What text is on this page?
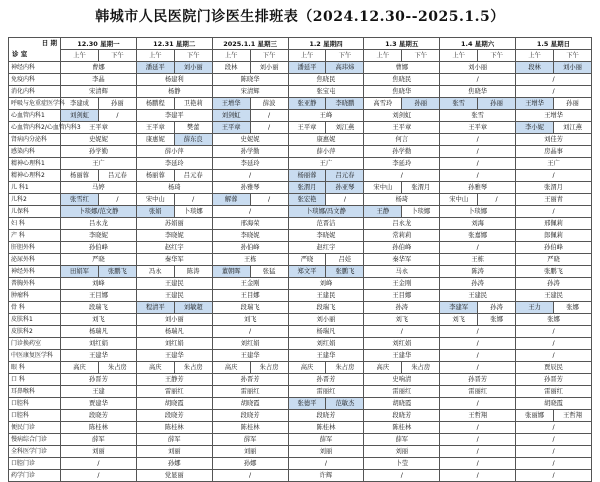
韩城市人民医院门诊医生排班表（2024.12.30--2025.1.5）
日 期
诊 室	12.30 星期一		12.31 星期二		2025.1.1 星期三		1.2 星期四		1.3 星期五		1.4 星期六		1.5 星期日	
	上午	下午	上午	下午	上午	下午	上午	下午	上午	下午	上午	下午	上午	下午
神经内科	曹娜		潘延平	刘小丽	段林	刘小丽	潘延平	高玮炜	曹娜		刘小丽		段林	刘小丽
免疫内科	李晶		杨建利		陈晓华		焦晓民		焦晓民		/		/	
消化内科	宋清辉		杨静		宋清辉		张宝屯		焦晓华		焦晓华		/	
呼吸与危重症医学科	李建成	孙丽	杨鹏程	卫艳莉	王增华	薛波	张亚静	李晓鹏	高雪玲	孙丽	张雪	孙丽	王增华	孙丽
心血管内科1	刘剑虹	/	李建平		刘剑虹	/	王峰		刘剑虹		张雪		王增华	
心血管内科2/心血管内科3	王平章		王平章	樊蕾	王平章	/	王平章	刘江燕	王平章		王平章		李小妮	刘江燕
肾病内分泌科	史妮妮		康惠妮	薛东良	史妮妮		康惠妮		何言		/		刘佳芳	
感染内科	孙学勤		薛小萍		孙学勤		薛小萍		孙学勤		/		房晶事	
精神心理科1	王广		李延玲		李延玲		王广		李延玲		/		王广	
精神心理科2	杨丽蓉	吕元春	杨丽蓉	吕元春	/		杨丽蓉	吕元春	/		/		/	
儿 科1	马婷		杨琦		孙雅琴		张渭月	孙亚琴	宋中山	张渭月	孙雅琴		张渭月	
儿科2	张雪红	/	宋中山	/	解蓉	/	张宏艳	/	杨琦		宋中山	/	王丽青	
儿保科	卜琰娜/范文静		张娟	卜琰娜	/		卜琰娜/冯文静		王静	卜琰娜	卜琰娜		/	
妇 科	吕永龙		苏娟丽		邢海荣		范晋洁		吕永龙		刘海		邢佩莉	
产 科	李晓妮		李晓妮		李晓妮		李晓妮		常莉莉		张嘉娜		郎佩莉	
肝胆外科	孙伯峰		赵红宇		孙伯峰		赵红宇		孙伯峰		/		孙伯峰	
泌尿外科	严晓		秦华军		王栋		严晓	吕娃	秦华军		王栋		严晓	
神经外科	田娟军	张鹏飞	冯永	陈涛	董朝晖	张猛	郑文平	张鹏飞	马永		陈涛		张鹏飞	
普胸外科	刘峰		王建民		王金刚		刘峰		王金刚		孙涛		孙涛	
肿瘤科	王目娜		王建民		王目娜		王建民		王目娜		王建民		王建民	
骨 科	段瑞飞		程清平	刘敏超	段瑞飞		段瑞飞		孙涛		李建军	孙涛	王力	张娜
皮肤科1	刘飞		刘小丽		刘飞		刘小丽		刘飞		刘飞	张娜	张娜	
皮肤科2	杨瑞凡		杨瑞凡		/		杨瑞凡		/		/		/	
门诊换药室	刘红娟		刘红娟		刘红娟		刘红娟		刘红娟		/		/	
中医康复医学科	王建华		王建华		王建华		王建华		王建华		/		/	
眼 科	高庆	朱占房	高庆	朱占房	高庆	朱占房	高庆	朱占房	高庆	朱占房	/		贾辰民	
口 科	孙晋芳		王静芳		孙晋芳		孙晋芳		史响清		孙晋芳		孙晋芳	
耳鼻喉科	王建		雷丽红		雷丽红		雷丽红		雷丽红		雷丽红		雷丽红	
口腔科	贾建华		胡晓霞		胡晓霞		张德平	范敏杰	胡晓霞		/		胡晓霞	
口腔科	段晓芳		段晓芳		段晓芳		段晓芳		段晓芳		王哲翔		张丽娜	王哲翔
便民门诊	陈桂林		陈桂林		陈桂林		陈桂林		陈桂林		/		/	
慢病综合门诊	薛军		薛军		薛军		薛军		薛军		/		/	
全科医学门诊	刘丽		刘丽		刘丽		刘丽		刘丽		/		/	
口腔门诊	/		孙娜		孙娜		/		卜莹		/		/	
药学门诊	/		党显丽		/		许辉		/		/		/	
